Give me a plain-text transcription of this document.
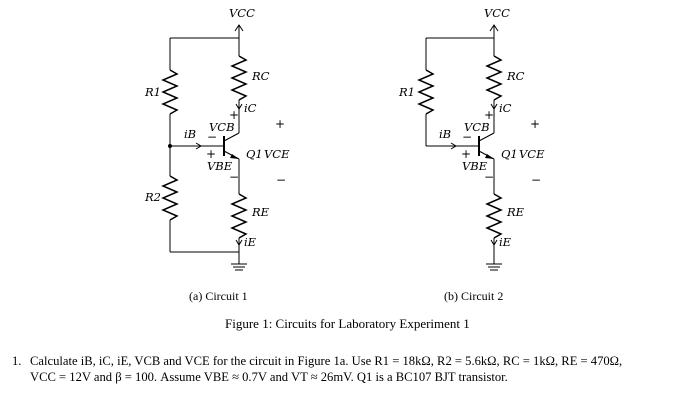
VCC
R1
R2
iB
RC
iC
Q1 VCE
+
−
+
VCB
−
+
VBE
−
RE
iE
(a) Circuit 1
VCC
R1
iB
RC
iC
Q1 VCE
+
−
+
VCB
−
+
VBE
−
RE
iE
(b) Circuit 2
Figure 1: Circuits for Laboratory Experiment 1
1. Calculate iB, iC, iE, VCB and VCE for the circuit in Figure 1a. Use R1 = 18kΩ, R2 = 5.6kΩ, RC = 1kΩ, RE = 470Ω,
VCC = 12V and β = 100. Assume VBE ≈ 0.7V and VT ≈ 26mV. Q1 is a BC107 BJT transistor.
